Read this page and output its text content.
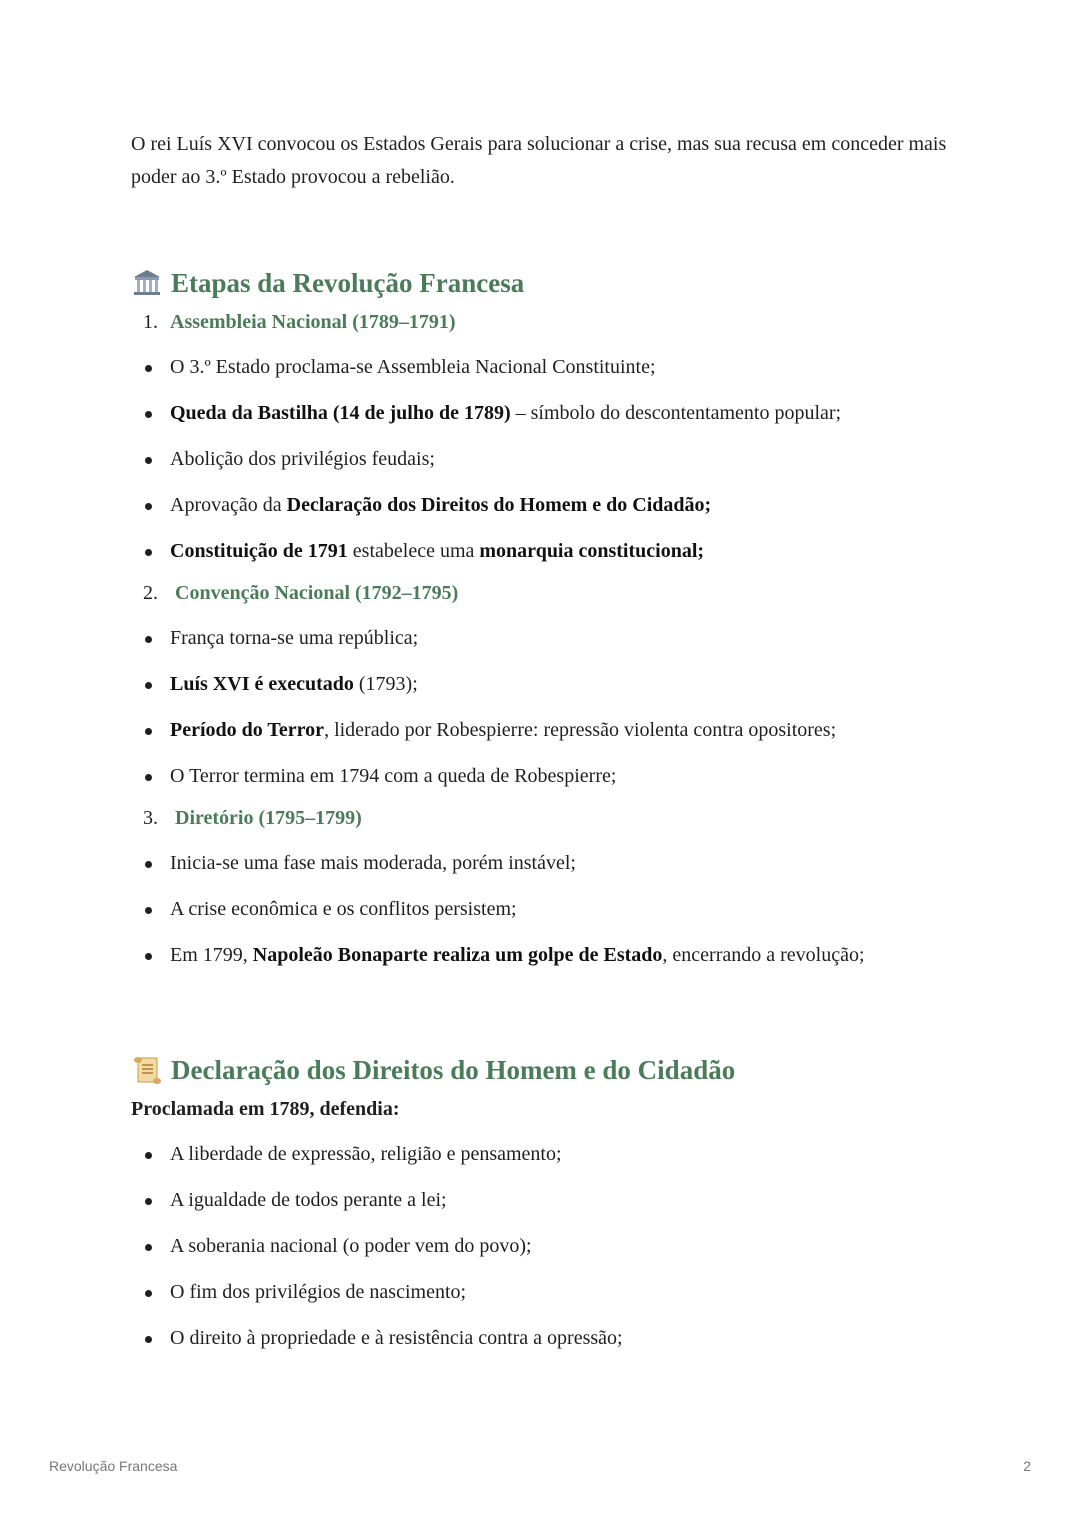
O rei Luís XVI convocou os Estados Gerais para solucionar a crise, mas sua recusa em conceder mais poder ao 3.º Estado provocou a rebelião.

Etapas da Revolução Francesa
1. Assembleia Nacional (1789–1791)
O 3.º Estado proclama-se Assembleia Nacional Constituinte;
Queda da Bastilha (14 de julho de 1789) – símbolo do descontentamento popular;
Abolição dos privilégios feudais;
Aprovação da Declaração dos Direitos do Homem e do Cidadão;
Constituição de 1791 estabelece uma monarquia constitucional;
2. Convenção Nacional (1792–1795)
França torna-se uma república;
Luís XVI é executado (1793);
Período do Terror, liderado por Robespierre: repressão violenta contra opositores;
O Terror termina em 1794 com a queda de Robespierre;
3. Diretório (1795–1799)
Inicia-se uma fase mais moderada, porém instável;
A crise econômica e os conflitos persistem;
Em 1799, Napoleão Bonaparte realiza um golpe de Estado, encerrando a revolução;
Declaração dos Direitos do Homem e do Cidadão

Proclamada em 1789, defendia:

A liberdade de expressão, religião e pensamento;
A igualdade de todos perante a lei;
A soberania nacional (o poder vem do povo);
O fim dos privilégios de nascimento;
O direito à propriedade e à resistência contra a opressão;
Revolução Francesa	2
